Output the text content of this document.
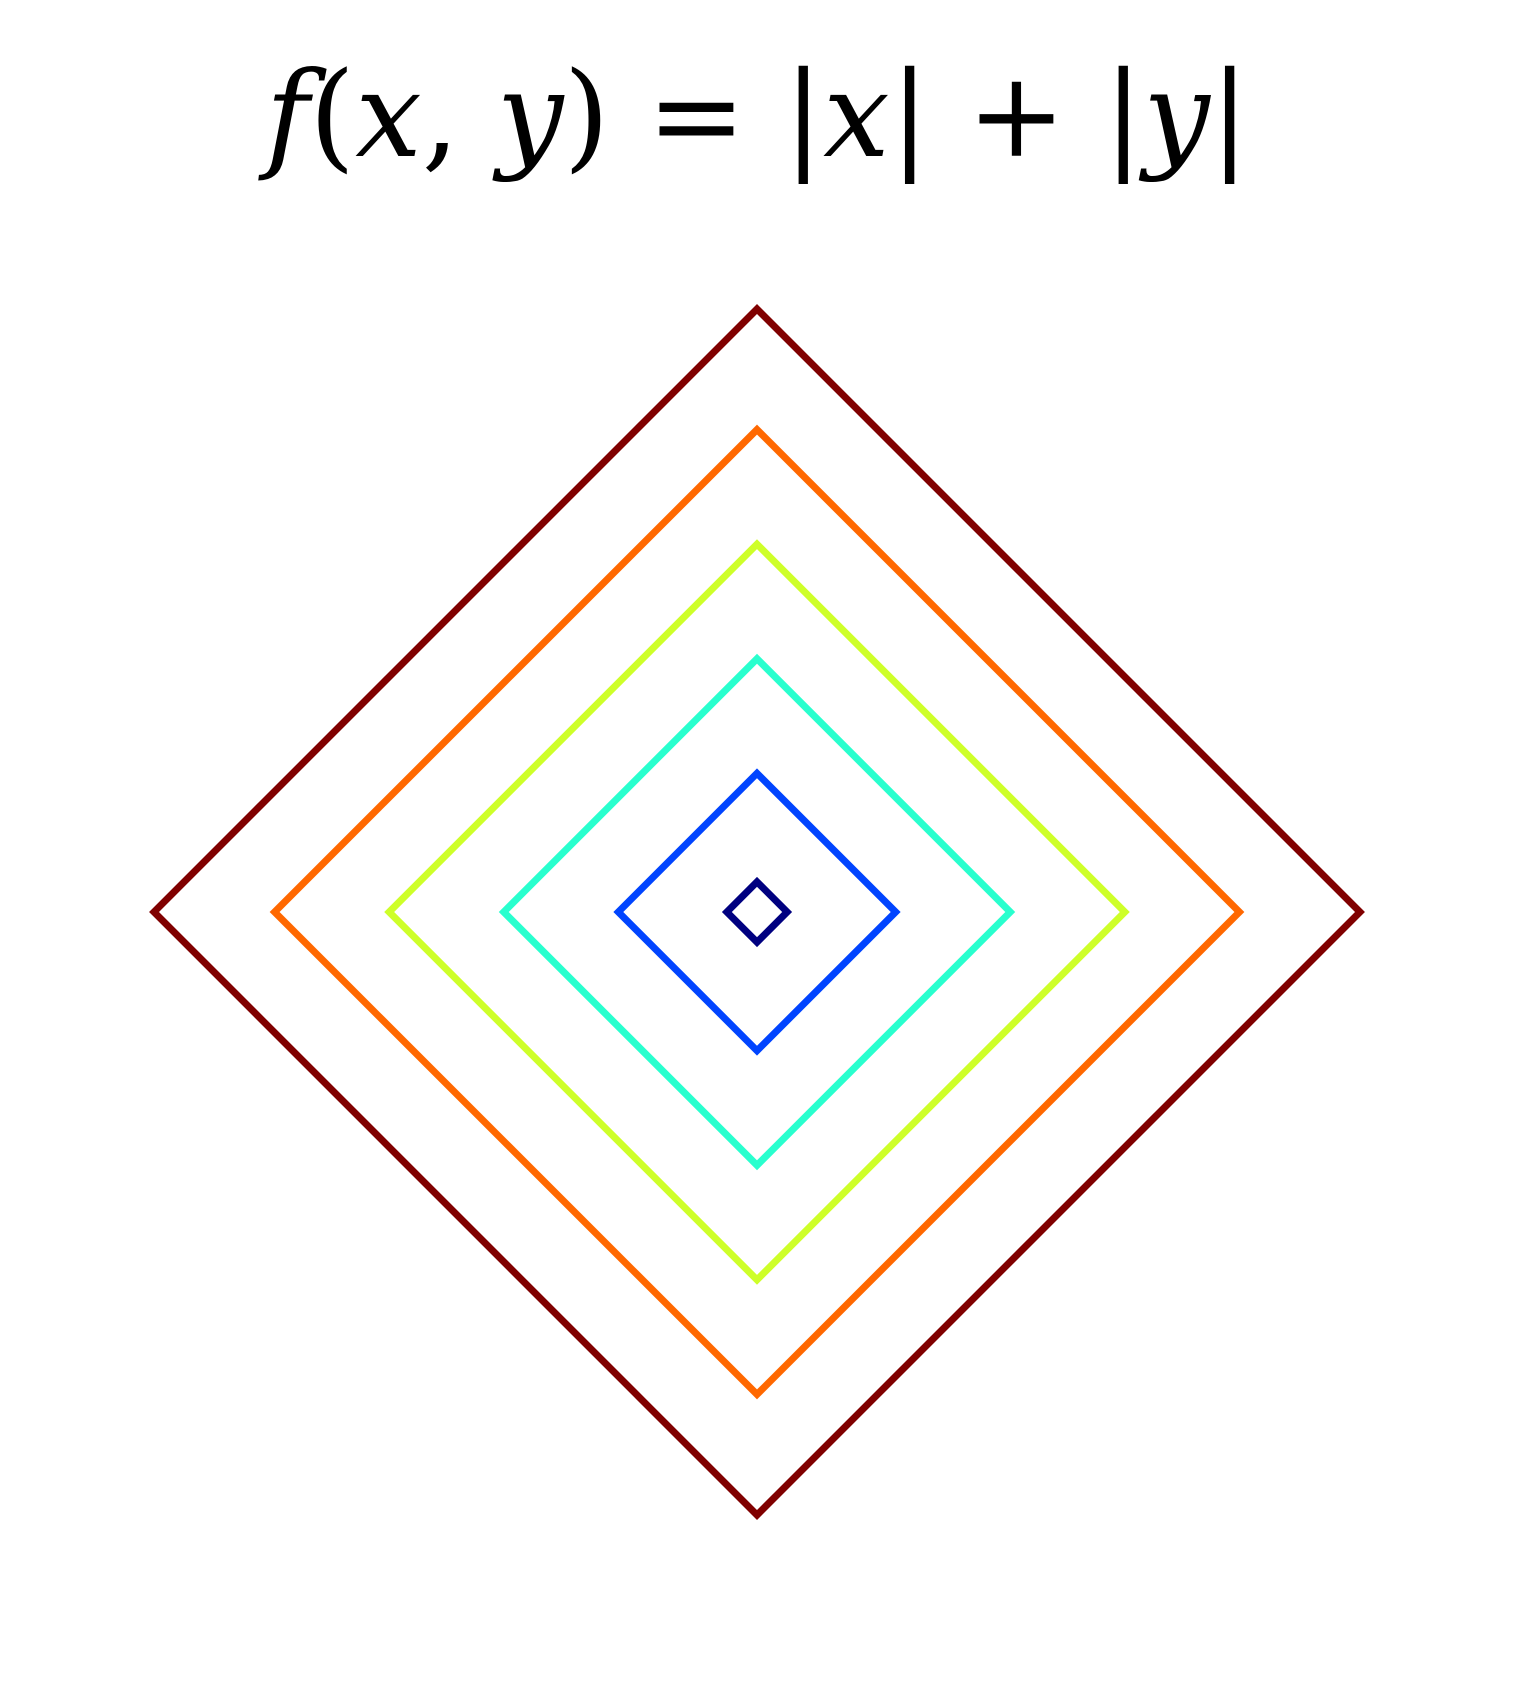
f(x, y) = |x| + |y|
